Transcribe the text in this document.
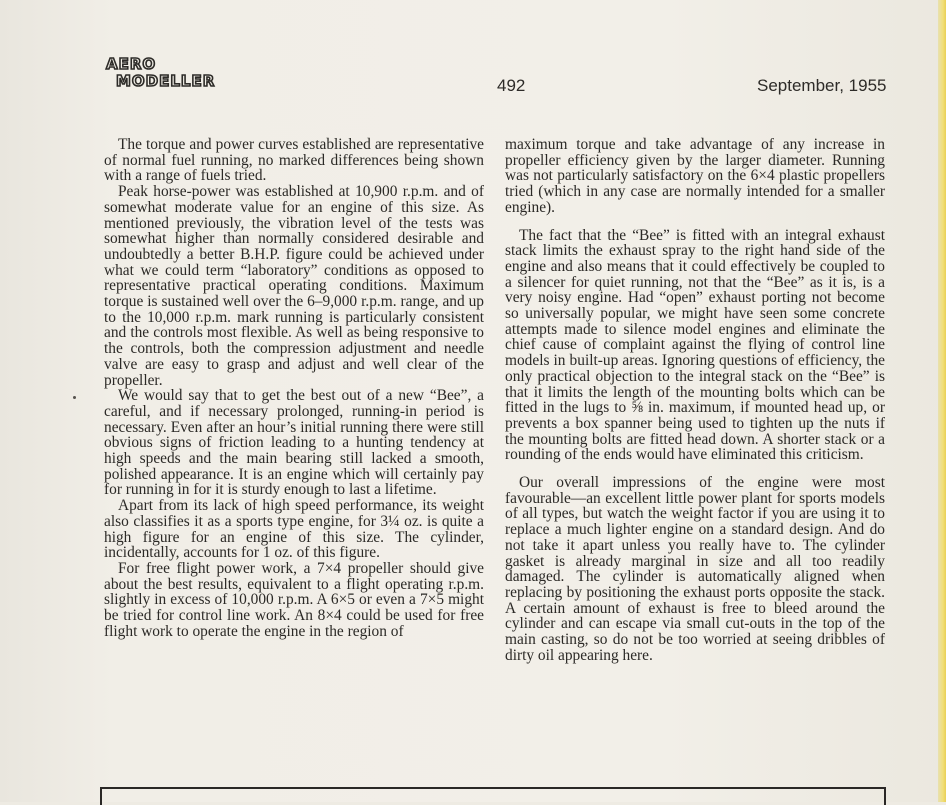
AERO
MODELLER	492	September, 1955

The torque and power curves established are representative of normal fuel running, no marked differences being shown with a range of fuels tried.

Peak horse-power was established at 10,900 r.p.m. and of somewhat moderate value for an engine of this size. As mentioned previously, the vibration level of the tests was somewhat higher than normally considered desirable and undoubtedly a better B.H.P. figure could be achieved under what we could term “laboratory” conditions as opposed to representative practical operating conditions. Maximum torque is sustained well over the 6–9,000 r.p.m. range, and up to the 10,000 r.p.m. mark running is particularly consistent and the controls most flexible. As well as being responsive to the controls, both the compression adjustment and needle valve are easy to grasp and adjust and well clear of the propeller.

We would say that to get the best out of a new “Bee”, a careful, and if necessary prolonged, running-in period is necessary. Even after an hour’s initial running there were still obvious signs of friction leading to a hunting tendency at high speeds and the main bearing still lacked a smooth, polished appearance. It is an engine which will certainly pay for running in for it is sturdy enough to last a lifetime.

Apart from its lack of high speed performance, its weight also classifies it as a sports type engine, for 3¼ oz. is quite a high figure for an engine of this size. The cylinder, incidentally, accounts for 1 oz. of this figure.

For free flight power work, a 7×4 propeller should give about the best results, equivalent to a flight operating r.p.m. slightly in excess of 10,000 r.p.m. A 6×5 or even a 7×5 might be tried for control line work. An 8×4 could be used for free flight work to operate the engine in the region of

maximum torque and take advantage of any increase in propeller efficiency given by the larger diameter. Running was not particularly satisfactory on the 6×4 plastic propellers tried (which in any case are normally intended for a smaller engine).

The fact that the “Bee” is fitted with an integral exhaust stack limits the exhaust spray to the right hand side of the engine and also means that it could effectively be coupled to a silencer for quiet running, not that the “Bee” as it is, is a very noisy engine. Had “open” exhaust porting not become so universally popular, we might have seen some concrete attempts made to silence model engines and eliminate the chief cause of complaint against the flying of control line models in built-up areas. Ignoring questions of efficiency, the only practical objection to the integral stack on the “Bee” is that it limits the length of the mounting bolts which can be fitted in the lugs to ⅝ in. maximum, if mounted head up, or prevents a box spanner being used to tighten up the nuts if the mounting bolts are fitted head down. A shorter stack or a rounding of the ends would have eliminated this criticism.

Our overall impressions of the engine were most favourable—an excellent little power plant for sports models of all types, but watch the weight factor if you are using it to replace a much lighter engine on a standard design. And do not take it apart unless you really have to. The cylinder gasket is already marginal in size and all too readily damaged. The cylinder is automatically aligned when replacing by positioning the exhaust ports opposite the stack. A certain amount of exhaust is free to bleed around the cylinder and can escape via small cut-outs in the top of the main casting, so do not be too worried at seeing dribbles of dirty oil appearing here.
